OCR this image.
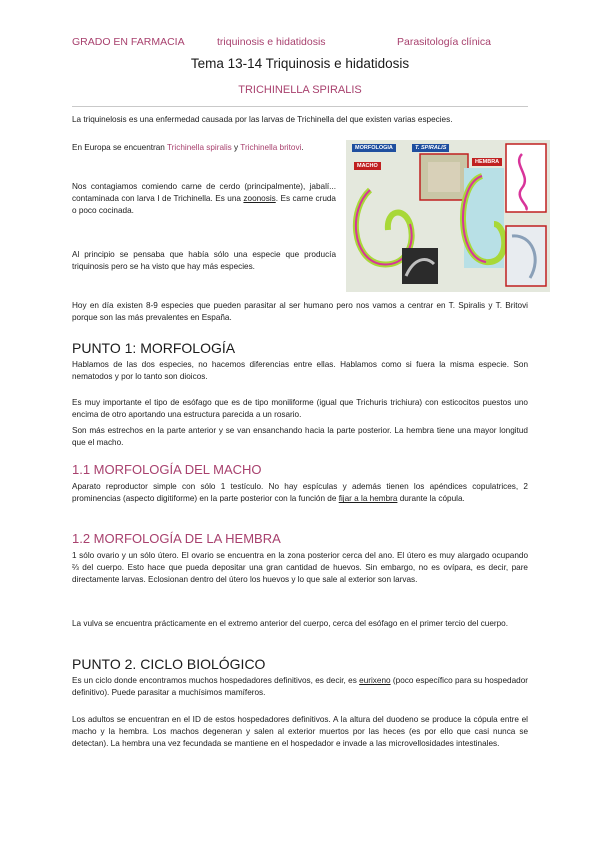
GRADO EN FARMACIA	triquinosis e hidatidosis	Parasitología clínica
Tema 13-14 Triquinosis e hidatidosis
TRICHINELLA SPIRALIS
La triquinelosis es una enfermedad causada por las larvas de Trichinella del que existen varias especies.
En Europa se encuentran Trichinella spiralis y Trichinella britovi.
Nos contagiamos comiendo carne de cerdo (principalmente), jabalí... contaminada con larva I de Trichinella. Es una zoonosis. Es carne cruda o poco cocinada.
Al principio se pensaba que había sólo una especie que producía triquinosis pero se ha visto que hay más especies.
Hoy en día existen 8-9 especies que pueden parasitar al ser humano pero nos vamos a centrar en T. Spiralis y T. Britovi porque son las más prevalentes en España.
MORFOLOGIA	T. SPIRALIS
MACHO
HEMBRA
PUNTO 1: MORFOLOGÍA
Hablamos de las dos especies, no hacemos diferencias entre ellas. Hablamos como si fuera la misma especie. Son nematodos y por lo tanto son dioicos.
Es muy importante el tipo de esófago que es de tipo moniliforme (igual que Trichuris trichiura) con esticocitos puestos uno encima de otro aportando una estructura parecida a un rosario.
Son más estrechos en la parte anterior y se van ensanchando hacia la parte posterior. La hembra tiene una mayor longitud que el macho.
1.1 MORFOLOGÍA DEL MACHO
Aparato reproductor simple con sólo 1 testículo. No hay espículas y además tienen los apéndices copulatrices, 2 prominencias (aspecto digitiforme) en la parte posterior con la función de fijar a la hembra durante la cópula.
1.2 MORFOLOGÍA DE LA HEMBRA
1 sólo ovario y un sólo útero. El ovario se encuentra en la zona posterior cerca del ano. El útero es muy alargado ocupando ⅔ del cuerpo. Esto hace que pueda depositar una gran cantidad de huevos. Sin embargo, no es ovípara, es decir, pare directamente larvas. Eclosionan dentro del útero los huevos y lo que sale al exterior son larvas.
La vulva se encuentra prácticamente en el extremo anterior del cuerpo, cerca del esófago en el primer tercio del cuerpo.
PUNTO 2. CICLO BIOLÓGICO
Es un ciclo donde encontramos muchos hospedadores definitivos, es decir, es eurixeno (poco específico para su hospedador definitivo). Puede parasitar a muchísimos mamíferos.
Los adultos se encuentran en el ID de estos hospedadores definitivos. A la altura del duodeno se produce la cópula entre el macho y la hembra. Los machos degeneran y salen al exterior muertos por las heces (es por ello que casi nunca se detectan). La hembra una vez fecundada se mantiene en el hospedador e invade a las microvellosidades intestinales.
